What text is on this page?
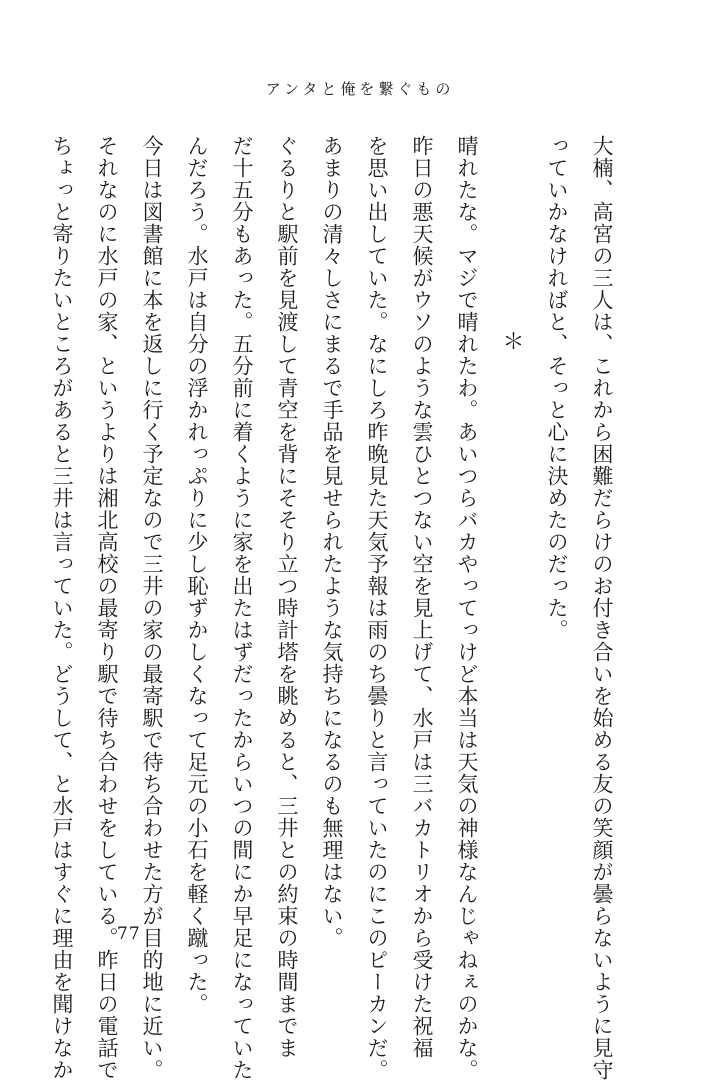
アンタと俺を繋ぐもの
大楠、高宮の三人は、これから困難だらけのお付き合いを始める友の笑顔が曇らないように見守
っていかなければと、そっと心に決めたのだった。
＊
晴れたな。マジで晴れたわ。あいつらバカやってっけど本当は天気の神様なんじゃねぇのかな。
昨日の悪天候がウソのような雲ひとつない空を見上げて、水戸は三バカトリオから受けた祝福
を思い出していた。なにしろ昨晩見た天気予報は雨のち曇りと言っていたのにこのピーカンだ。
あまりの清々しさにまるで手品を見せられたような気持ちになるのも無理はない。
ぐるりと駅前を見渡して青空を背にそそり立つ時計塔を眺めると、三井との約束の時間までま
だ十五分もあった。五分前に着くように家を出たはずだったからいつの間にか早足になっていた
んだろう。水戸は自分の浮かれっぷりに少し恥ずかしくなって足元の小石を軽く蹴った。
今日は図書館に本を返しに行く予定なので三井の家の最寄駅で待ち合わせた方が目的地に近い。
それなのに水戸の家、というよりは湘北高校の最寄り駅で待ち合わせをしている。昨日の電話で
ちょっと寄りたいところがあると三井は言っていた。どうして、と水戸はすぐに理由を聞けなか	77
